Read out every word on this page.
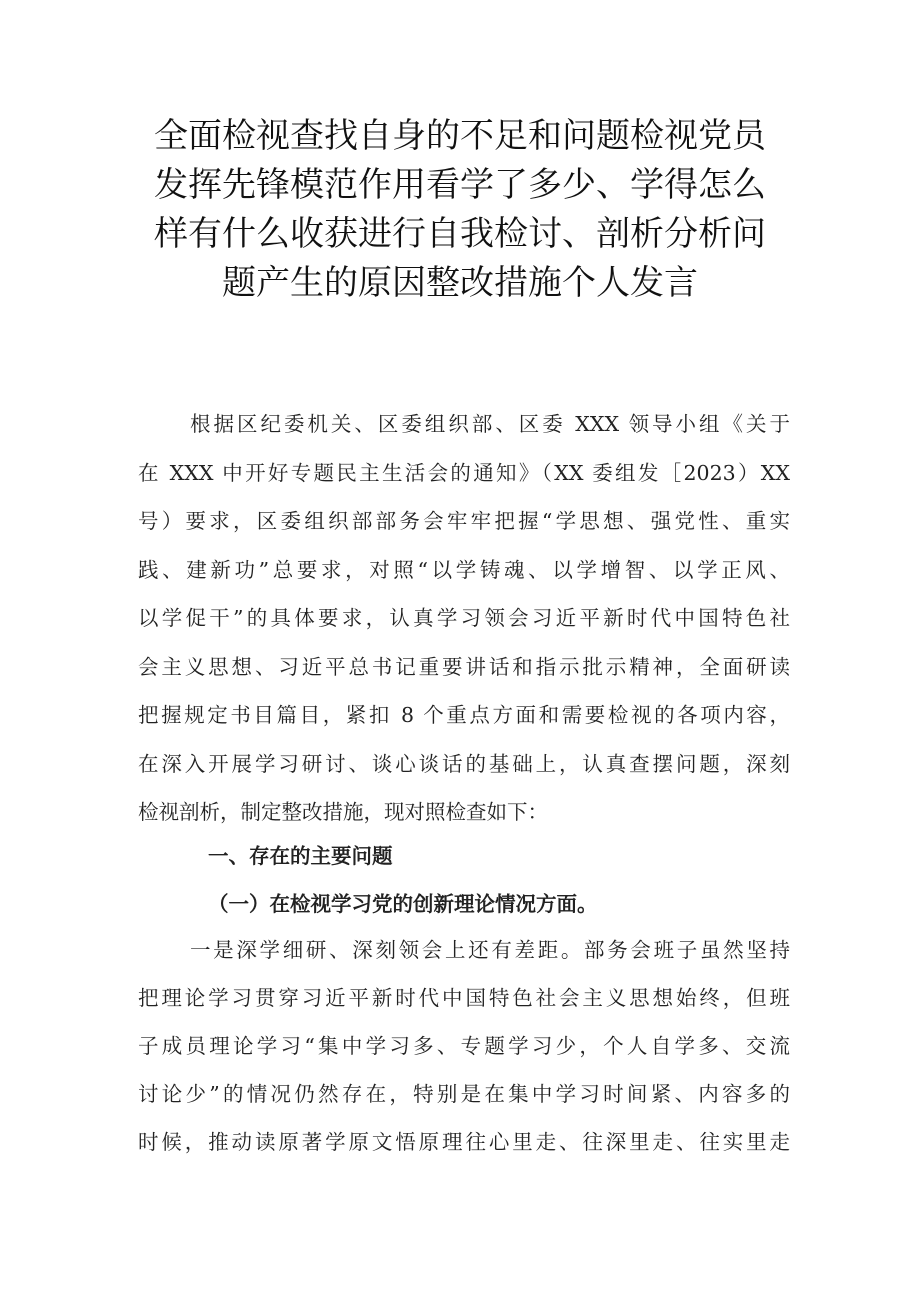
全面检视查找自身的不足和问题检视党员
发挥先锋模范作用看学了多少、学得怎么
样有什么收获进行自我检讨、剖析分析问
题产生的原因整改措施个人发言
根据区纪委机关、区委组织部、区委 XXX 领导小组《关于
在 XXX 中开好专题民主生活会的通知》（XX 委组发［2023）XX
号）要求，区委组织部部务会牢牢把握“学思想、强党性、重实
践、建新功”总要求，对照“以学铸魂、以学增智、以学正风、
以学促干”的具体要求，认真学习领会习近平新时代中国特色社
会主义思想、习近平总书记重要讲话和指示批示精神，全面研读
把握规定书目篇目，紧扣 8 个重点方面和需要检视的各项内容，
在深入开展学习研讨、谈心谈话的基础上，认真查摆问题，深刻
检视剖析，制定整改措施，现对照检查如下：
一、存在的主要问题
（一）在检视学习党的创新理论情况方面。
一是深学细研、深刻领会上还有差距。部务会班子虽然坚持
把理论学习贯穿习近平新时代中国特色社会主义思想始终，但班
子成员理论学习“集中学习多、专题学习少，个人自学多、交流
讨论少”的情况仍然存在，特别是在集中学习时间紧、内容多的
时候，推动读原著学原文悟原理往心里走、往深里走、往实里走
